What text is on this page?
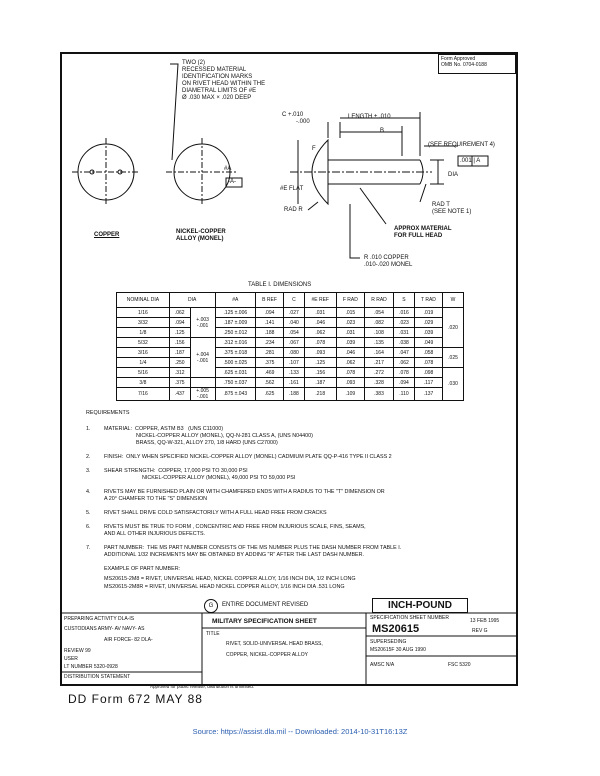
Form Approved
OMB No. 0704-0188
TWO (2)
RECESSED MATERIAL
IDENTIFICATION MARKS
ON RIVET HEAD WITHIN THE
DIAMETRAL LIMITS OF #E
Ø .030 MAX × .020 DEEP
COPPER	NICKEL-COPPER
ALLOY (MONEL)
C +.010
-.000
LENGTH ± .010
B
(SEE REQUIREMENT 4)
.001 | A
-A-
#A
#E FLAT
F
DIA
RAD T
(SEE NOTE 1)
RAD R
APPROX MATERIAL
FOR FULL HEAD
R .010 COPPER
.010-.020 MONEL
TABLE I. DIMENSIONS
NOMINAL DIA	DIA		#A	B REF	C	#E REF	F RAD	R RAD	S	T RAD	W
1/16	.062	+.003
-.001	.125 ±.006	.094	.027	.031	.015	.054	.016	.019	.020
3/32	.094		.187 ±.009	.141	.040	.046	.023	.082	.023	.029	
1/8	.125		.250 ±.012	.188	.054	.062	.031	.108	.031	.039	
5/32	.156	+.004
-.001	.312 ±.016	.234	.067	.078	.039	.135	.038	.049	
3/16	.187		.375 ±.018	.281	.080	.093	.046	.164	.047	.058	.025
1/4	.250		.500 ±.025	.375	.107	.125	.062	.217	.062	.078	
5/16	.312		.625 ±.031	.469	.133	.156	.078	.272	.078	.098	.030
3/8	.375		.750 ±.037	.562	.161	.187	.093	.328	.094	.117	
7/16	.437	+.005
-.001	.875 ±.043	.625	.188	.218	.109	.383	.110	.137	
REQUIREMENTS
1.	MATERIAL:  COPPER, ASTM B3   (UNS C11000)
NICKEL-COPPER ALLOY (MONEL), QQ-N-281 CLASS A, (UNS N04400)
BRASS, QQ-W-321, ALLOY 270, 1/8 HARD (UNS C27000)
2.	FINISH:  ONLY WHEN SPECIFIED NICKEL-COPPER ALLOY (MONEL) CADMIUM PLATE QQ-P-416 TYPE II CLASS 2
3.	SHEAR STRENGTH:  COPPER, 17,000 PSI TO 30,000 PSI
NICKEL-COPPER ALLOY (MONEL), 49,000 PSI TO 59,000 PSI
4.	RIVETS MAY BE FURNISHED PLAIN OR WITH CHAMFERED ENDS WITH A RADIUS TO THE "T" DIMENSION OR
A 20° CHAMFER TO THE "S" DIMENSION
5.	RIVET SHALL DRIVE COLD SATISFACTORILY WITH A FULL HEAD FREE FROM CRACKS
6.	RIVETS MUST BE TRUE TO FORM , CONCENTRIC AND FREE FROM INJURIOUS SCALE, FINS, SEAMS,
AND ALL OTHER INJURIOUS DEFECTS.
7.	PART NUMBER:  THE MS PART NUMBER CONSISTS OF THE MS NUMBER PLUS THE DASH NUMBER FROM TABLE I.
ADDITIONAL 1/32 INCREMENTS MAY BE OBTAINED BY ADDING "R" AFTER THE LAST DASH NUMBER.
EXAMPLE OF PART NUMBER:
MS20615-2M8 = RIVET, UNIVERSAL HEAD, NICKEL COPPER ALLOY, 1/16 INCH DIA, 1/2 INCH LONG
MS20615-2M8R = RIVET, UNIVERSAL HEAD NICKEL COPPER ALLOY, 1/16 INCH DIA .531 LONG
G	ENTIRE DOCUMENT REVISED	INCH-POUND
PREPARING ACTIVITY DLA-IS
CUSTODIANS ARMY- AV NAVY- AS
AIR FORCE- 82 DLA-
REVIEW 99
USER
LT NUMBER 5320-0928
DISTRIBUTION STATEMENT
Approved for public release; distribution is unlimited.
MILITARY SPECIFICATION SHEET
TITLE
RIVET, SOLID-UNIVERSAL HEAD BRASS,
COPPER, NICKEL-COPPER ALLOY
SPECIFICATION SHEET NUMBER
MS20615
13 FEB 1995
REV G
SUPERSEDING
MS20615F 30 AUG 1990
AMSC N/A	FSC 5320
DD Form 672 MAY 88
Source: https://assist.dla.mil -- Downloaded: 2014-10-31T16:13Z
